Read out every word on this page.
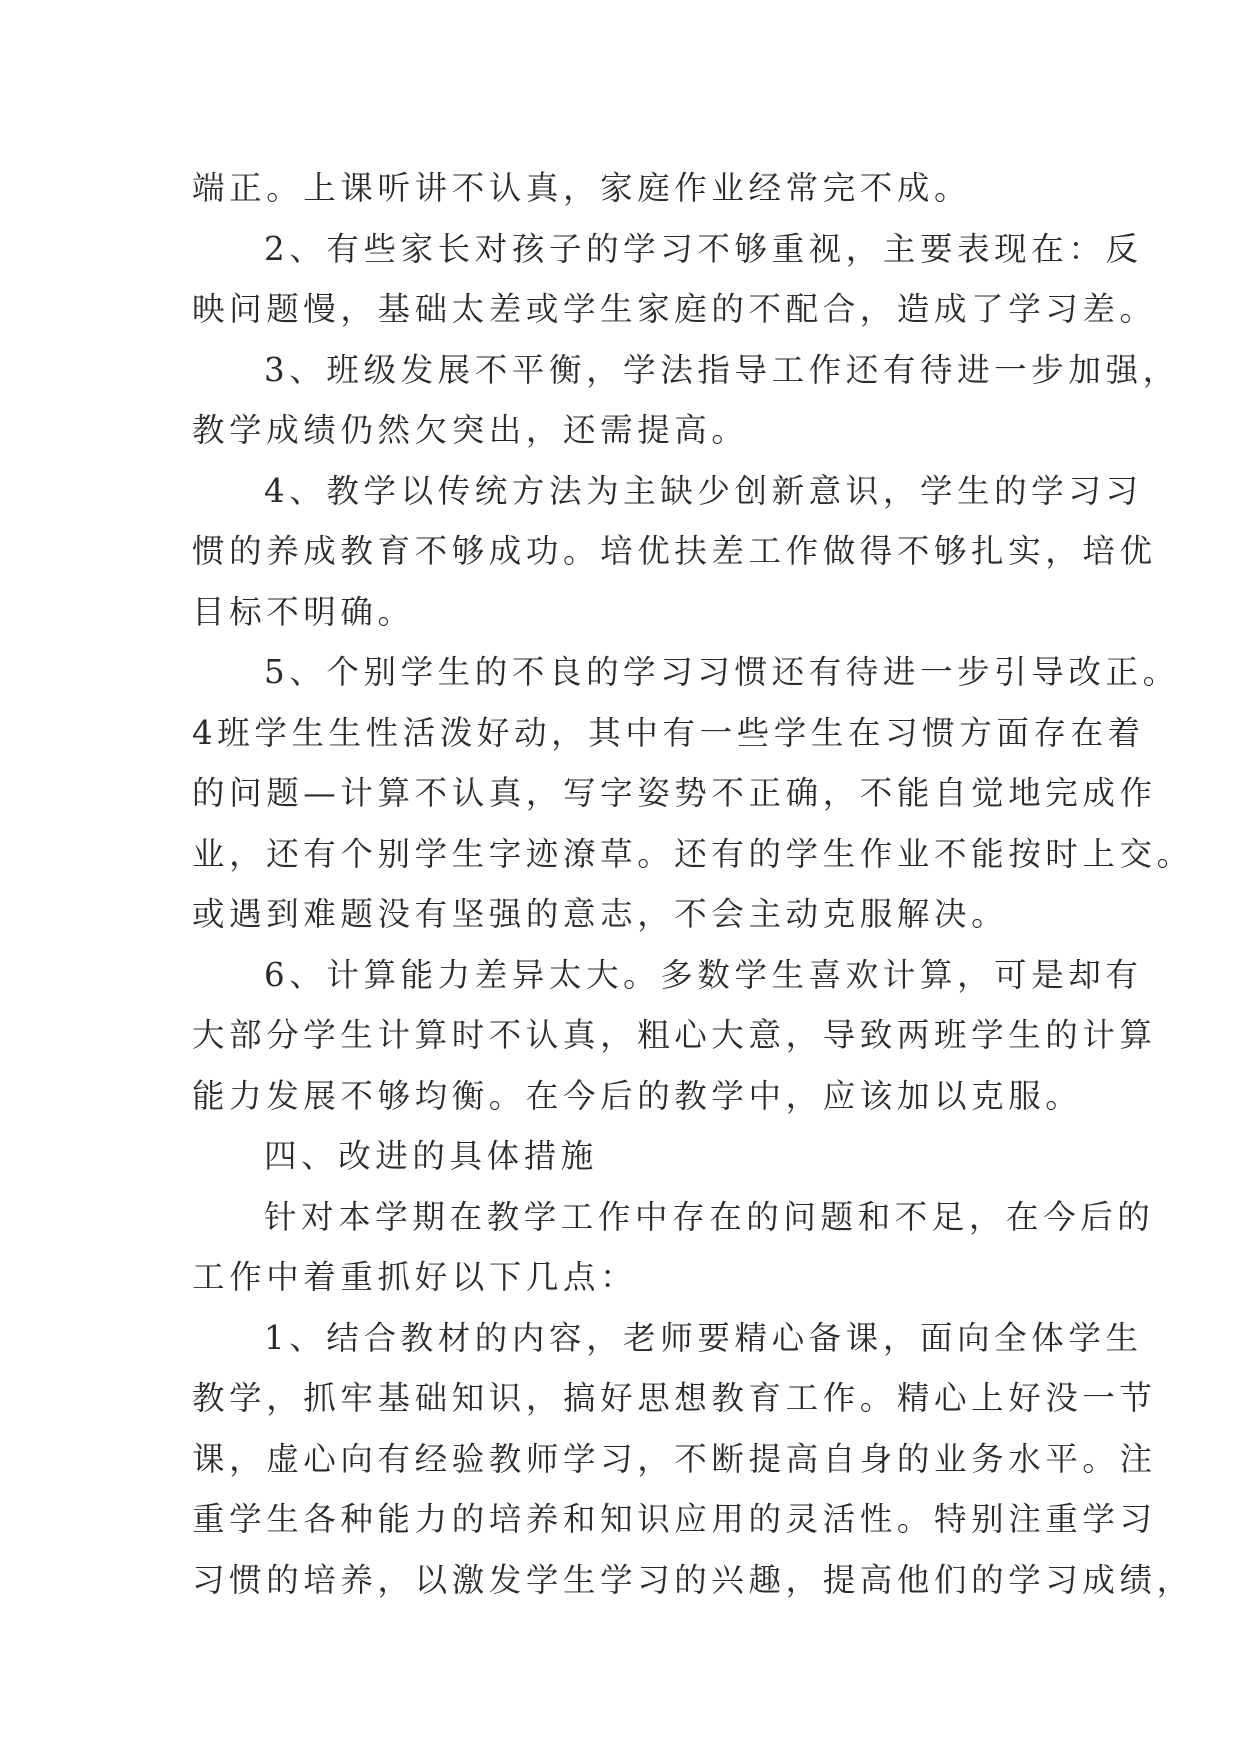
端正。上课听讲不认真，家庭作业经常完不成。
2、有些家长对孩子的学习不够重视，主要表现在：反
映问题慢，基础太差或学生家庭的不配合，造成了学习差。
3、班级发展不平衡，学法指导工作还有待进一步加强，
教学成绩仍然欠突出，还需提高。
4、教学以传统方法为主缺少创新意识，学生的学习习
惯的养成教育不够成功。培优扶差工作做得不够扎实，培优
目标不明确。
5、个别学生的不良的学习习惯还有待进一步引导改正。
4班学生生性活泼好动，其中有一些学生在习惯方面存在着
的问题—计算不认真，写字姿势不正确，不能自觉地完成作
业，还有个别学生字迹潦草。还有的学生作业不能按时上交。
或遇到难题没有坚强的意志，不会主动克服解决。
6、计算能力差异太大。多数学生喜欢计算，可是却有
大部分学生计算时不认真，粗心大意，导致两班学生的计算
能力发展不够均衡。在今后的教学中，应该加以克服。
四、改进的具体措施
针对本学期在教学工作中存在的问题和不足，在今后的
工作中着重抓好以下几点：
1、结合教材的内容，老师要精心备课，面向全体学生
教学，抓牢基础知识，搞好思想教育工作。精心上好没一节
课，虚心向有经验教师学习，不断提高自身的业务水平。注
重学生各种能力的培养和知识应用的灵活性。特别注重学习
习惯的培养，以激发学生学习的兴趣，提高他们的学习成绩，
